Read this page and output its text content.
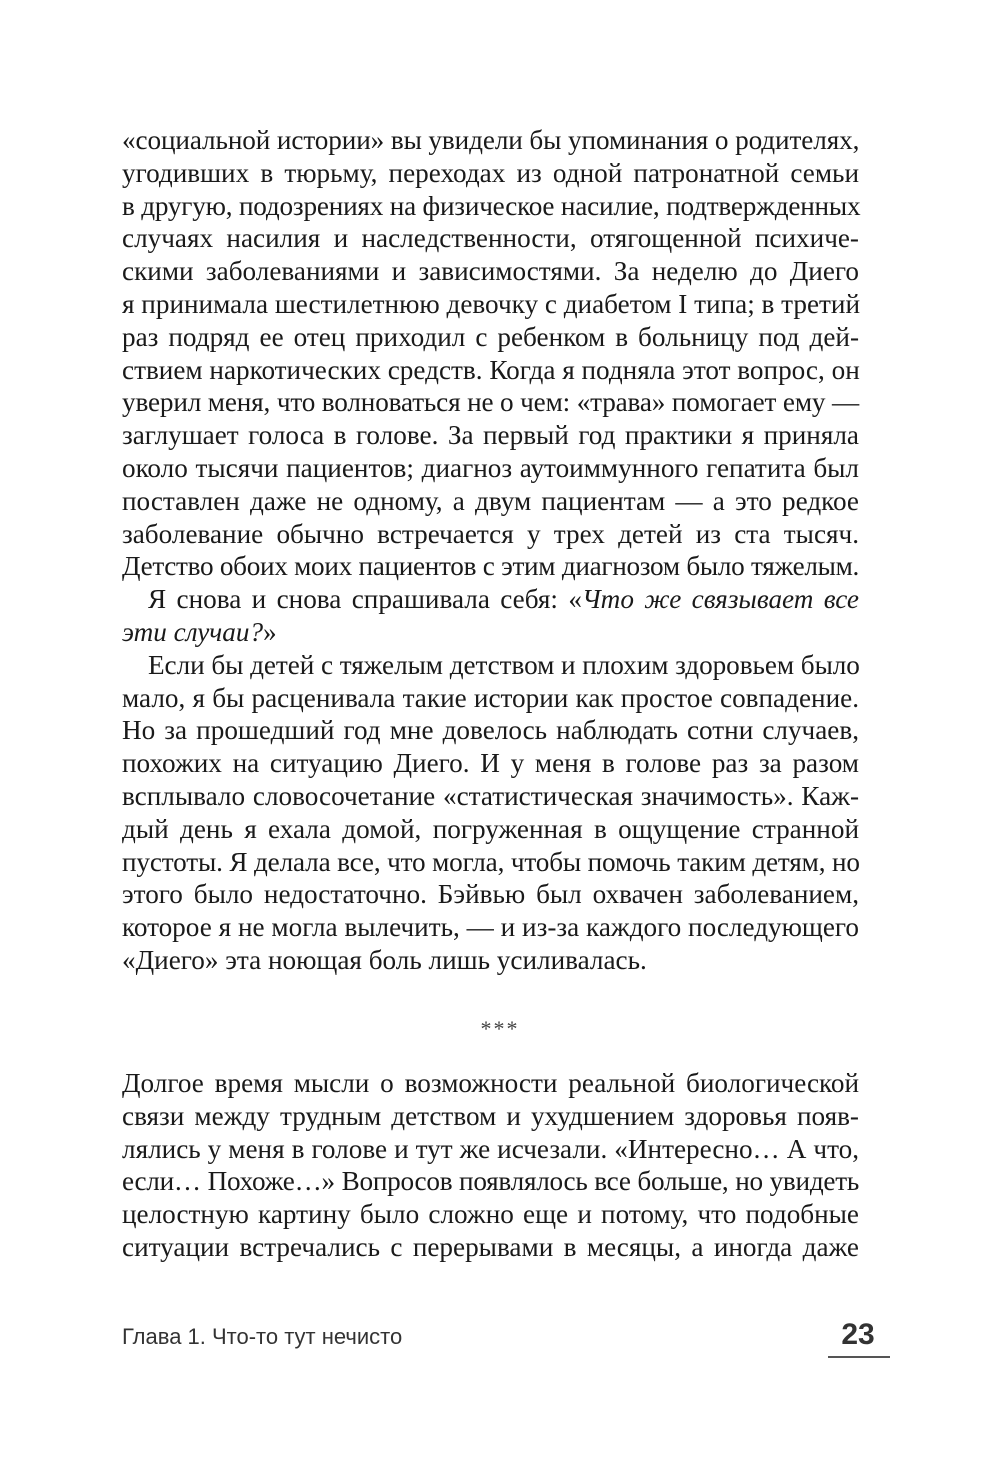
«социальной истории» вы увидели бы упоминания о родителях,
угодивших в тюрьму, переходах из одной патронатной семьи
в другую, подозрениях на физическое насилие, подтвержденных
случаях насилия и наследственности, отягощенной психиче-
скими заболеваниями и зависимостями. За неделю до Диего
я принимала шестилетнюю девочку с диабетом I типа; в третий
раз подряд ее отец приходил с ребенком в больницу под дей-
ствием наркотических средств. Когда я подняла этот вопрос, он
уверил меня, что волноваться не о чем: «трава» помогает ему —
заглушает голоса в голове. За первый год практики я приняла
около тысячи пациентов; диагноз аутоиммунного гепатита был
поставлен даже не одному, а двум пациентам — а это редкое
заболевание обычно встречается у трех детей из ста тысяч.
Детство обоих моих пациентов с этим диагнозом было тяжелым.
Я снова и снова спрашивала себя: «Что же связывает все
эти случаи?»
Если бы детей с тяжелым детством и плохим здоровьем было
мало, я бы расценивала такие истории как простое совпадение.
Но за прошедший год мне довелось наблюдать сотни случаев,
похожих на ситуацию Диего. И у меня в голове раз за разом
всплывало словосочетание «статистическая значимость». Каж-
дый день я ехала домой, погруженная в ощущение странной
пустоты. Я делала все, что могла, чтобы помочь таким детям, но
этого было недостаточно. Бэйвью был охвачен заболеванием,
которое я не могла вылечить, — и из-за каждого последующего
«Диего» эта ноющая боль лишь усиливалась.
***
Долгое время мысли о возможности реальной биологической
связи между трудным детством и ухудшением здоровья появ-
лялись у меня в голове и тут же исчезали. «Интересно… А что,
если… Похоже…» Вопросов появлялось все больше, но увидеть
целостную картину было сложно еще и потому, что подобные
ситуации встречались с перерывами в месяцы, а иногда даже
Глава 1. Что-то тут нечисто	23
